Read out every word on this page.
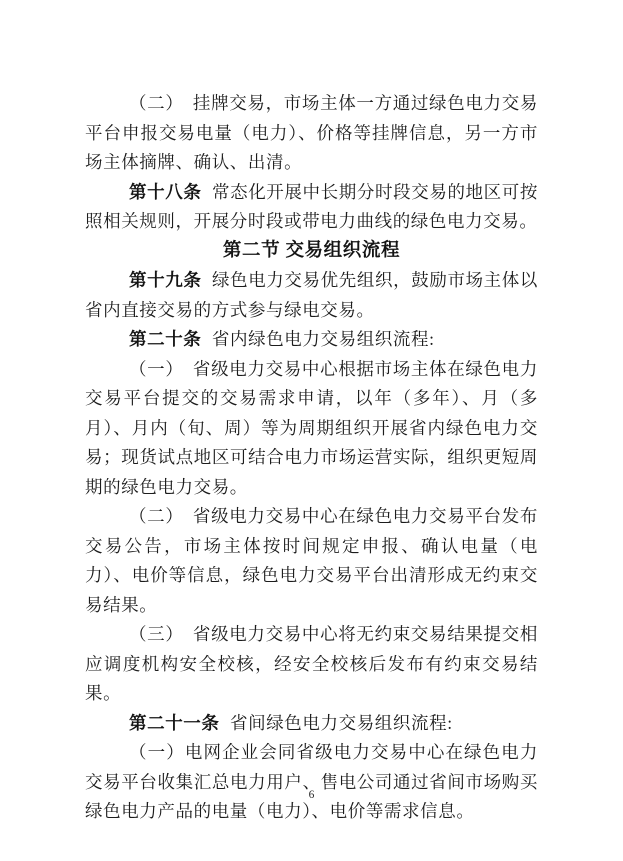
（二）　挂牌交易，市场主体一方通过绿色电力交易平台申报交易电量（电力）、价格等挂牌信息，另一方市场主体摘牌、确认、出清。

第十八条 常态化开展中长期分时段交易的地区可按照相关规则，开展分时段或带电力曲线的绿色电力交易。

第二节 交易组织流程

第十九条 绿色电力交易优先组织，鼓励市场主体以省内直接交易的方式参与绿电交易。

第二十条 省内绿色电力交易组织流程:

（一）　省级电力交易中心根据市场主体在绿色电力交易平台提交的交易需求申请，以年（多年）、月（多月）、月内（旬、周）等为周期组织开展省内绿色电力交易；现货试点地区可结合电力市场运营实际，组织更短周期的绿色电力交易。

（二）　省级电力交易中心在绿色电力交易平台发布交易公告，市场主体按时间规定申报、确认电量（电力）、电价等信息，绿色电力交易平台出清形成无约束交易结果。

（三）　省级电力交易中心将无约束交易结果提交相应调度机构安全校核，经安全校核后发布有约束交易结果。

第二十一条 省间绿色电力交易组织流程:

（一）电网企业会同省级电力交易中心在绿色电力交易平台收集汇总电力用户、售电公司通过省间市场购买绿色电力产品的电量（电力）、电价等需求信息。

6
